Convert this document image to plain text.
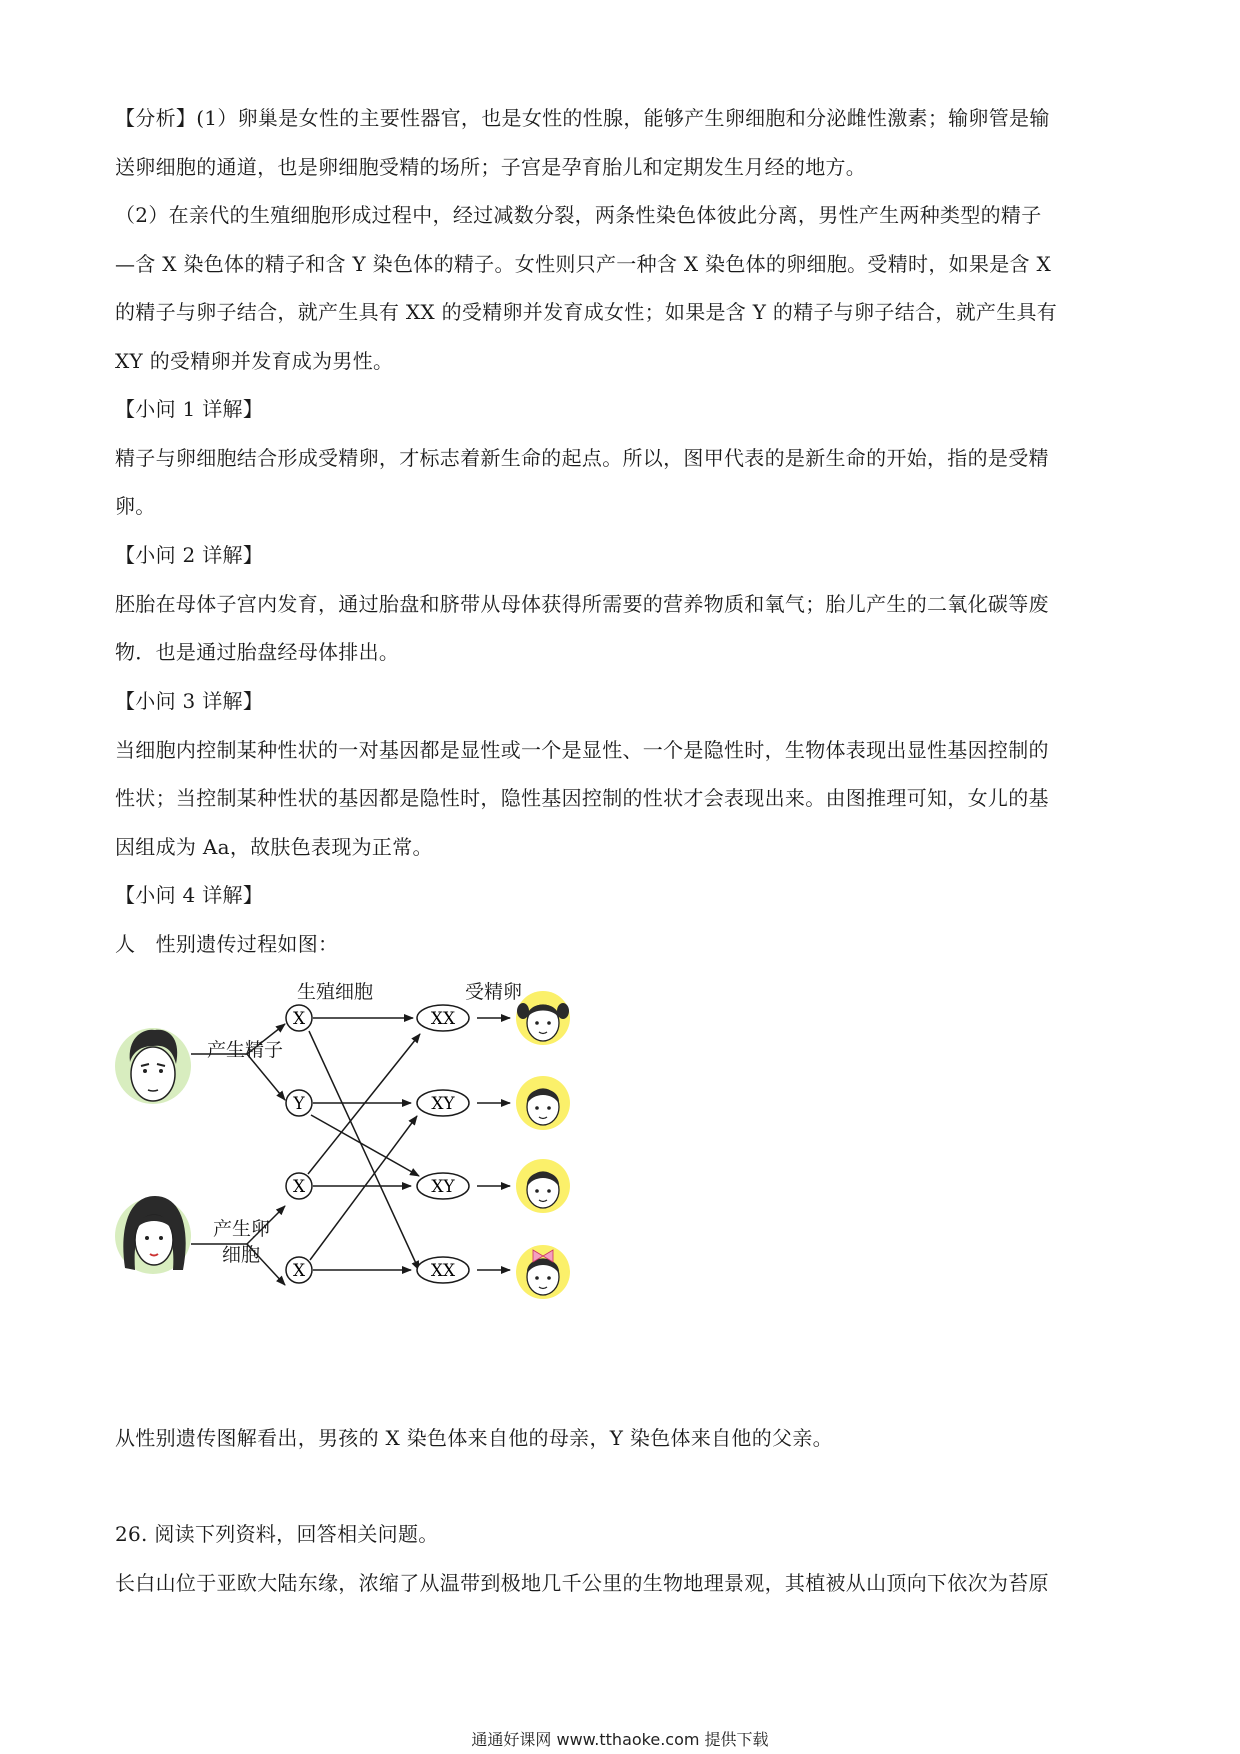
【分析】(1）卵巢是女性的主要性器官，也是女性的性腺，能够产生卵细胞和分泌雌性激素；输卵管是输
送卵细胞的通道，也是卵细胞受精的场所；子宫是孕育胎儿和定期发生月经的地方。

（2）在亲代的生殖细胞形成过程中，经过减数分裂，两条性染色体彼此分离，男性产生两种类型的精子
—含 X 染色体的精子和含 Y 染色体的精子。女性则只产一种含 X 染色体的卵细胞。受精时，如果是含 X
的精子与卵子结合，就产生具有 XX 的受精卵并发育成女性；如果是含 Y 的精子与卵子结合，就产生具有
XY 的受精卵并发育成为男性。

【小问 1 详解】
精子与卵细胞结合形成受精卵，才标志着新生命的起点。所以，图甲代表的是新生命的开始，指的是受精
卵。

【小问 2 详解】
胚胎在母体子宫内发育，通过胎盘和脐带从母体获得所需要的营养物质和氧气；胎儿产生的二氧化碳等废
物．也是通过胎盘经母体排出。

【小问 3 详解】
当细胞内控制某种性状的一对基因都是显性或一个是显性、一个是隐性时，生物体表现出显性基因控制的
性状；当控制某种性状的基因都是隐性时，隐性基因控制的性状才会表现出来。由图推理可知，女儿的基
因组成为 Aa，故肤色表现为正常。

【小问 4 详解】
人　性别遗传过程如图：

生殖细胞	受精卵
产生精子
产生卵
细胞
X
Y
X
X
XX
XY
XY
XX

从性别遗传图解看出，男孩的 X 染色体来自他的母亲，Y 染色体来自他的父亲。

26. 阅读下列资料，回答相关问题。
长白山位于亚欧大陆东缘，浓缩了从温带到极地几千公里的生物地理景观，其植被从山顶向下依次为苔原

通通好课网 www.tthaoke.com 提供下载
